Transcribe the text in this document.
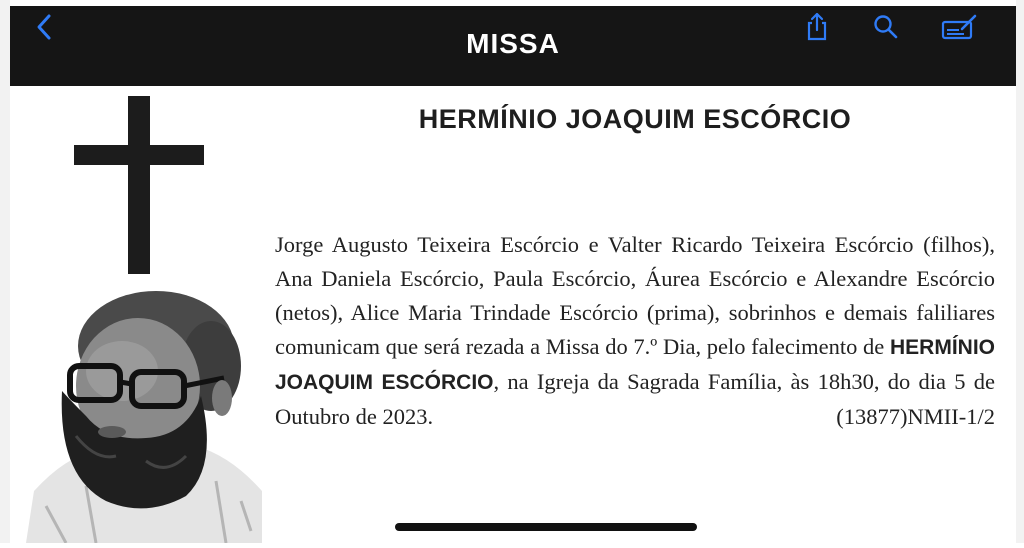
MISSA
HERMÍNIO JOAQUIM ESCÓRCIO
Jorge Augusto Teixeira Escórcio e Valter Ricardo Teixeira Escórcio (filhos), Ana Daniela Escórcio, Paula Escórcio, Áurea Escórcio e Alexandre Escórcio (netos), Alice Maria Trindade Escórcio (prima), sobrinhos e demais faliliares comunicam que será rezada a Missa do 7.º Dia, pelo falecimento de HERMÍNIO JOAQUIM ESCÓRCIO, na Igreja da Sagrada Família, às 18h30, do dia 5 de Outubro de 2023.	(13877)NMII-1/2
